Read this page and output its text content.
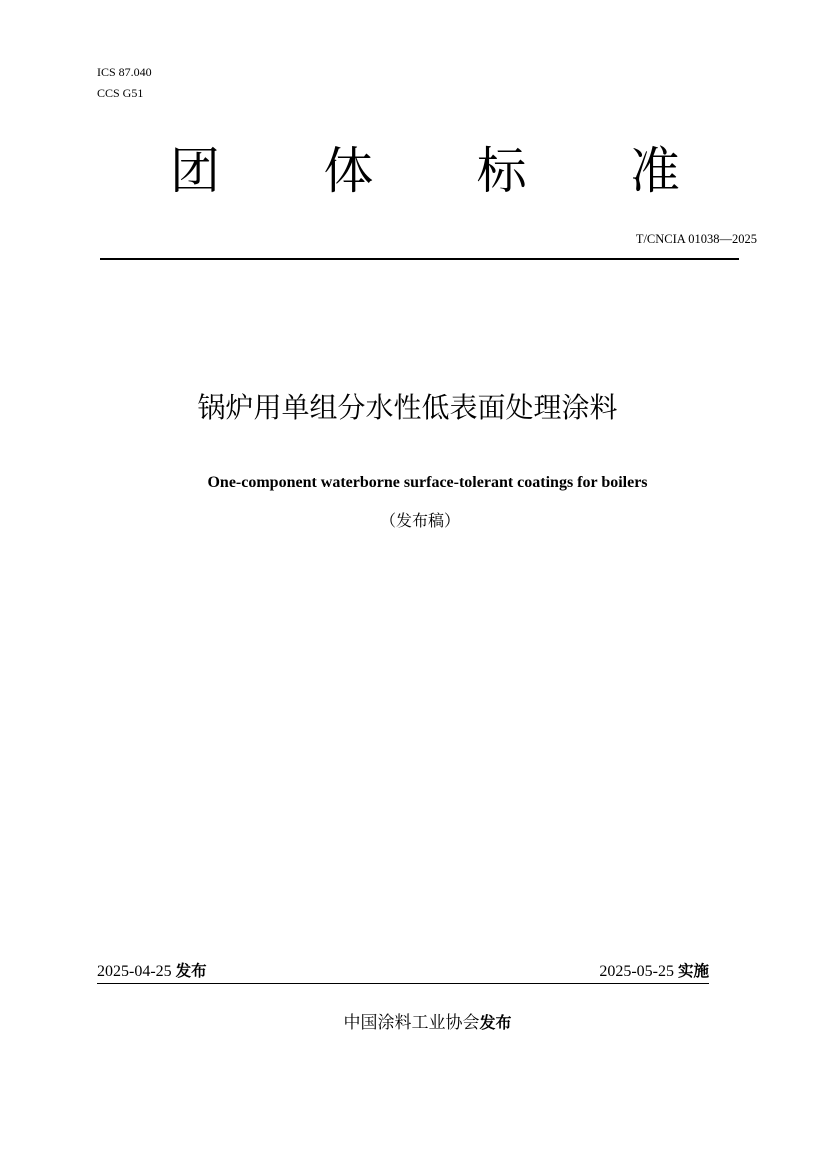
ICS 87.040
CCS G51
团 体 标 准
T/CNCIA 01038—2025
锅炉用单组分水性低表面处理涂料
One-component waterborne surface-tolerant coatings for boilers
（发布稿）
2025-04-25 发布	2025-05-25 实施
中国涂料工业协会发布
